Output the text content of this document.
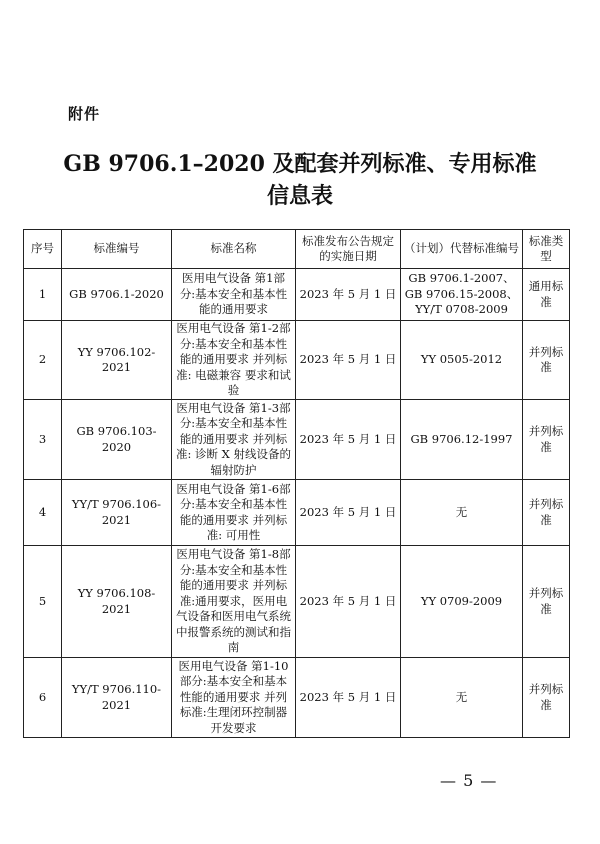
附件
GB 9706.1–2020 及配套并列标准、专用标准
信息表
序号	标准编号	标准名称	标准发布公告规定的实施日期	（计划）代替标准编号	标准类型
1	GB 9706.1-2020	医用电气设备 第1部分:基本安全和基本性能的通用要求	2023 年 5 月 1 日	GB 9706.1-2007、GB 9706.15-2008、YY/T 0708-2009	通用标准
2	YY 9706.102-2021	医用电气设备 第1-2部分:基本安全和基本性能的通用要求 并列标准: 电磁兼容 要求和试验	2023 年 5 月 1 日	YY 0505-2012	并列标准
3	GB 9706.103-2020	医用电气设备 第1-3部分:基本安全和基本性能的通用要求 并列标准: 诊断 X 射线设备的辐射防护	2023 年 5 月 1 日	GB 9706.12-1997	并列标准
4	YY/T 9706.106-2021	医用电气设备 第1-6部分:基本安全和基本性能的通用要求 并列标准: 可用性	2023 年 5 月 1 日	无	并列标准
5	YY 9706.108-2021	医用电气设备 第1-8部分:基本安全和基本性能的通用要求 并列标准:通用要求，医用电气设备和医用电气系统中报警系统的测试和指南	2023 年 5 月 1 日	YY 0709-2009	并列标准
6	YY/T 9706.110-2021	医用电气设备 第1-10部分:基本安全和基本性能的通用要求 并列标准:生理闭环控制器开发要求	2023 年 5 月 1 日	无	并列标准
— 5 —
